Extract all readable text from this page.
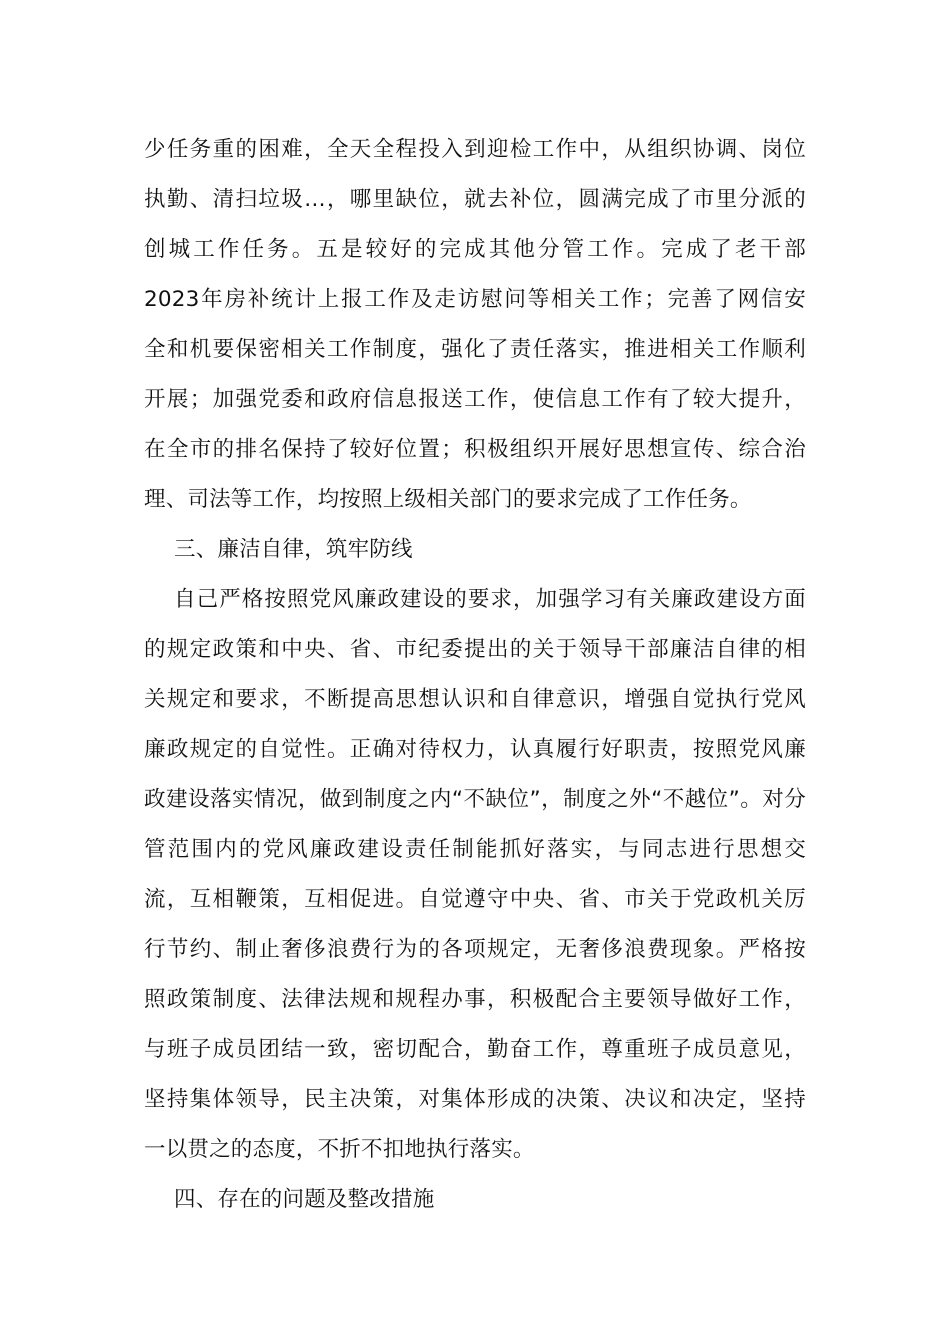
少任务重的困难，全天全程投入到迎检工作中，从组织协调、岗位
执勤、清扫垃圾…，哪里缺位，就去补位，圆满完成了市里分派的
创城工作任务。五是较好的完成其他分管工作。完成了老干部
2023年房补统计上报工作及走访慰问等相关工作；完善了网信安
全和机要保密相关工作制度，强化了责任落实，推进相关工作顺利
开展；加强党委和政府信息报送工作，使信息工作有了较大提升，
在全市的排名保持了较好位置；积极组织开展好思想宣传、综合治
理、司法等工作，均按照上级相关部门的要求完成了工作任务。
三、廉洁自律，筑牢防线
自己严格按照党风廉政建设的要求，加强学习有关廉政建设方面
的规定政策和中央、省、市纪委提出的关于领导干部廉洁自律的相
关规定和要求，不断提高思想认识和自律意识，增强自觉执行党风
廉政规定的自觉性。正确对待权力，认真履行好职责，按照党风廉
政建设落实情况，做到制度之内“不缺位”，制度之外“不越位”。对分
管范围内的党风廉政建设责任制能抓好落实，与同志进行思想交
流，互相鞭策，互相促进。自觉遵守中央、省、市关于党政机关厉
行节约、制止奢侈浪费行为的各项规定，无奢侈浪费现象。严格按
照政策制度、法律法规和规程办事，积极配合主要领导做好工作，
与班子成员团结一致，密切配合，勤奋工作，尊重班子成员意见，
坚持集体领导，民主决策，对集体形成的决策、决议和决定，坚持
一以贯之的态度，不折不扣地执行落实。
四、存在的问题及整改措施
